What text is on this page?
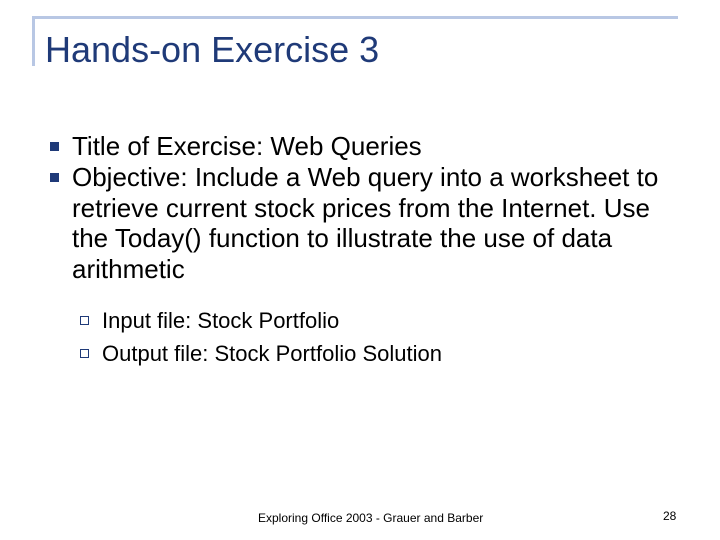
Hands-on Exercise 3
Title of Exercise: Web Queries
Objective: Include a Web query into a worksheet to retrieve current stock prices from the Internet. Use the Today() function to illustrate the use of data arithmetic
Input file: Stock Portfolio
Output file: Stock Portfolio Solution
Exploring Office 2003 - Grauer and Barber	28
